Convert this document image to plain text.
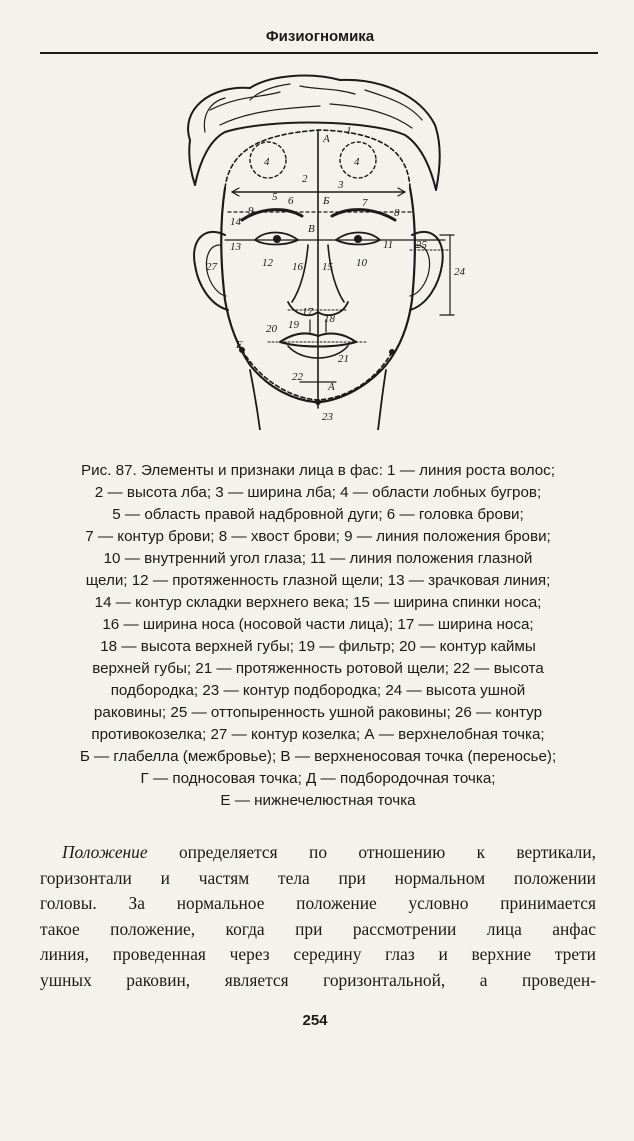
Физиогномика
А
1
4	4
2	3
Б
5 6	7
9
14
8
В
13	11 25
12	10
16 15	24
27
17
18
20 19
Е
21
22
А
23
Рис. 87. Элементы и признаки лица в фас: 1 — линия роста волос;
2 — высота лба; 3 — ширина лба; 4 — области лобных бугров;
5 — область правой надбровной дуги; 6 — головка брови;
7 — контур брови; 8 — хвост брови; 9 — линия положения брови;
10 — внутренний угол глаза; 11 — линия положения глазной
щели; 12 — протяженность глазной щели; 13 — зрачковая линия;
14 — контур складки верхнего века; 15 — ширина спинки носа;
16 — ширина носа (носовой части лица); 17 — ширина носа;
18 — высота верхней губы; 19 — фильтр; 20 — контур каймы
верхней губы; 21 — протяженность ротовой щели; 22 — высота
подбородка; 23 — контур подбородка; 24 — высота ушной
раковины; 25 — оттопыренность ушной раковины; 26 — контур
противокозелка; 27 — контур козелка; А — верхнелобная точка;
Б — глабелла (межбровье); В — верхненосовая точка (переносье);
Г — подносовая точка; Д — подбородочная точка;
Е — нижнечелюстная точка
Положение определяется по отношению к вертикали,
горизонтали и частям тела при нормальном положении
головы. За нормальное положение условно принимается
такое положение, когда при рассмотрении лица анфас
линия, проведенная через середину глаз и верхние трети
ушных раковин, является горизонтальной, а проведен-
254
